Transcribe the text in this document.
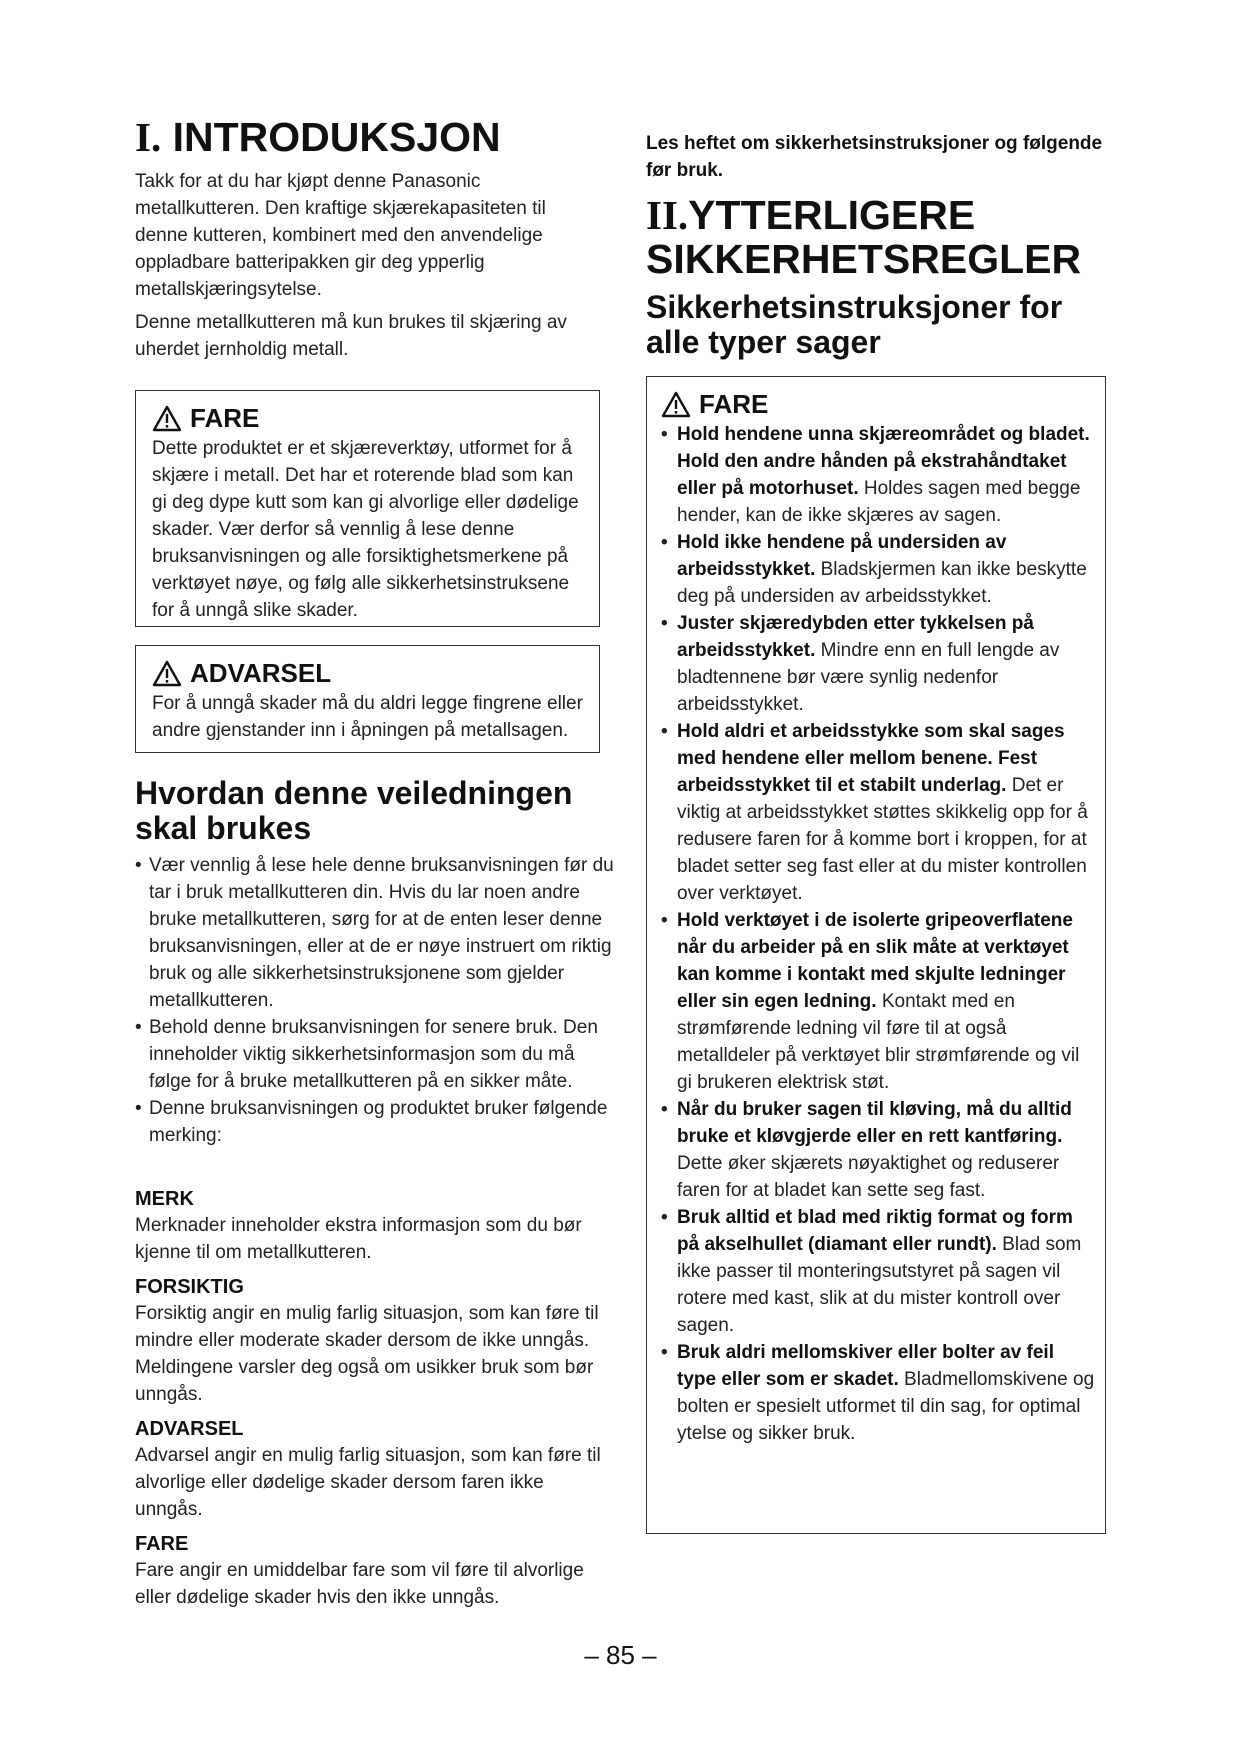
I. INTRODUKSJON
Takk for at du har kjøpt denne Panasonic metallkutteren. Den kraftige skjærekapasiteten til denne kutteren, kombinert med den anvendelige oppladbare batteripakken gir deg ypperlig metallskjæringsytelse.
Denne metallkutteren må kun brukes til skjæring av uherdet jernholdig metall.
FARE
Dette produktet er et skjæreverktøy, utformet for å skjære i metall. Det har et roterende blad som kan gi deg dype kutt som kan gi alvorlige eller dødelige skader. Vær derfor så vennlig å lese denne bruksanvisningen og alle forsiktighetsmerkene på verktøyet nøye, og følg alle sikkerhetsinstruksene for å unngå slike skader.
ADVARSEL
For å unngå skader må du aldri legge fingrene eller andre gjenstander inn i åpningen på metallsagen.
Hvordan denne veiledningen skal brukes
• Vær vennlig å lese hele denne bruksanvisningen før du tar i bruk metallkutteren din. Hvis du lar noen andre bruke metallkutteren, sørg for at de enten leser denne bruksanvisningen, eller at de er nøye instruert om riktig bruk og alle sikkerhetsinstruksjonene som gjelder metallkutteren.
• Behold denne bruksanvisningen for senere bruk. Den inneholder viktig sikkerhetsinformasjon som du må følge for å bruke metallkutteren på en sikker måte.
• Denne bruksanvisningen og produktet bruker følgende merking:
MERK
Merknader inneholder ekstra informasjon som du bør kjenne til om metallkutteren.
FORSIKTIG
Forsiktig angir en mulig farlig situasjon, som kan føre til mindre eller moderate skader dersom de ikke unngås. Meldingene varsler deg også om usikker bruk som bør unngås.
ADVARSEL
Advarsel angir en mulig farlig situasjon, som kan føre til alvorlige eller dødelige skader dersom faren ikke unngås.
FARE
Fare angir en umiddelbar fare som vil føre til alvorlige eller dødelige skader hvis den ikke unngås.
Les heftet om sikkerhetsinstruksjoner og følgende før bruk.
II.YTTERLIGERE
SIKKERHETSREGLER
Sikkerhetsinstruksjoner for alle typer sager
FARE
• Hold hendene unna skjæreområdet og bladet. Hold den andre hånden på ekstrahåndtaket eller på motorhuset. Holdes sagen med begge hender, kan de ikke skjæres av sagen.
• Hold ikke hendene på undersiden av arbeidsstykket. Bladskjermen kan ikke beskytte deg på undersiden av arbeidsstykket.
• Juster skjæredybden etter tykkelsen på arbeidsstykket. Mindre enn en full lengde av bladtennene bør være synlig nedenfor arbeidsstykket.
• Hold aldri et arbeidsstykke som skal sages med hendene eller mellom benene. Fest arbeidsstykket til et stabilt underlag. Det er viktig at arbeidsstykket støttes skikkelig opp for å redusere faren for å komme bort i kroppen, for at bladet setter seg fast eller at du mister kontrollen over verktøyet.
• Hold verktøyet i de isolerte gripeoverflatene når du arbeider på en slik måte at verktøyet kan komme i kontakt med skjulte ledninger eller sin egen ledning. Kontakt med en strømførende ledning vil føre til at også metalldeler på verktøyet blir strømførende og vil gi brukeren elektrisk støt.
• Når du bruker sagen til kløving, må du alltid bruke et kløvgjerde eller en rett kantføring. Dette øker skjærets nøyaktighet og reduserer faren for at bladet kan sette seg fast.
• Bruk alltid et blad med riktig format og form på akselhullet (diamant eller rundt). Blad som ikke passer til monteringsutstyret på sagen vil rotere med kast, slik at du mister kontroll over sagen.
• Bruk aldri mellomskiver eller bolter av feil type eller som er skadet. Bladmellomskivene og bolten er spesielt utformet til din sag, for optimal ytelse og sikker bruk.
– 85 –
